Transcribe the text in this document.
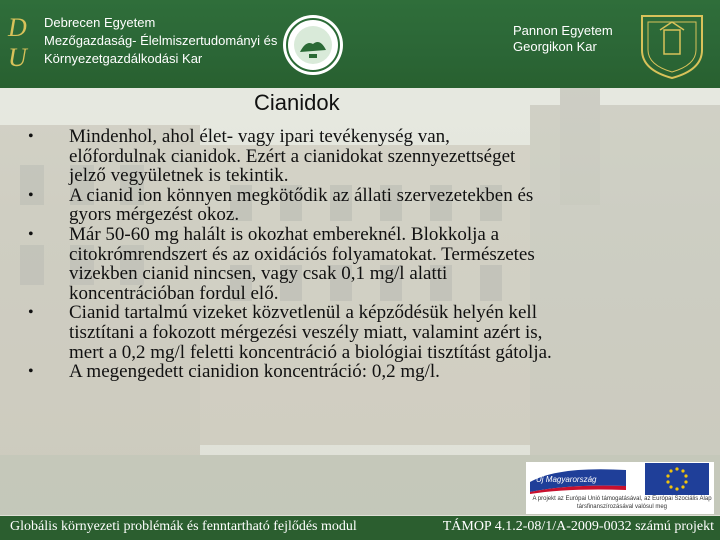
D
U
Debrecen Egyetem
Mezőgazdaság- Élelmiszertudományi és
Környezetgazdálkodási Kar
Pannon Egyetem
Georgikon Kar
Cianidok
• Mindenhol, ahol élet- vagy ipari tevékenység van,
előfordulnak cianidok. Ezért a cianidokat szennyezettséget
jelző vegyületnek is tekintik.
• A cianid ion könnyen megkötődik az állati szervezetekben és
gyors mérgezést okoz.
• Már 50-60 mg halált is okozhat embereknél. Blokkolja a
citokrómrendszert és az oxidációs folyamatokat. Természetes
vizekben cianid nincsen, vagy csak 0,1 mg/l alatti
koncentrációban fordul elő.
• Cianid tartalmú vizeket közvetlenül a képződésük helyén kell
tisztítani a fokozott mérgezési veszély miatt, valamint azért is,
mert a 0,2 mg/l feletti koncentráció a biológiai tisztítást gátolja.
• A megengedett cianidion koncentráció: 0,2 mg/l.
Új Magyarország
A projekt az Európai Unió támogatásával, az Európai Szociális Alap társfinanszírozásával valósul meg
Globális környezeti problémák és fenntartható fejlődés modul	TÁMOP 4.1.2-08/1/A-2009-0032 számú projekt
